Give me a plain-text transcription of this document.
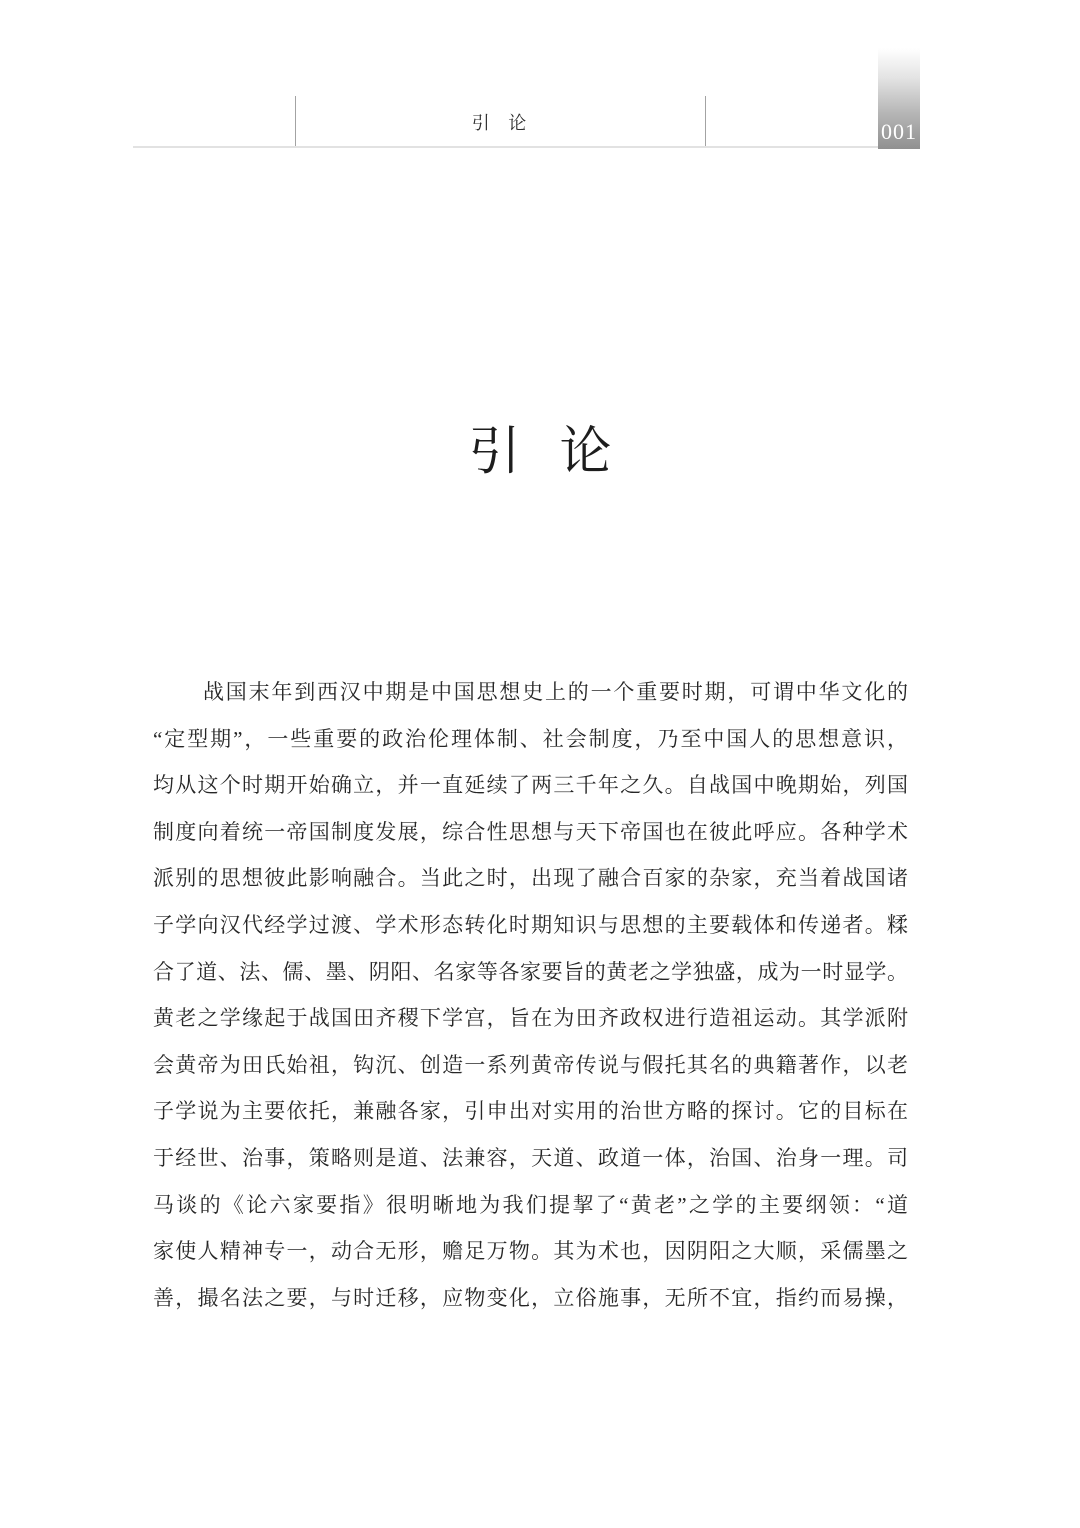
引 论	001
引 论
战国末年到西汉中期是中国思想史上的一个重要时期，可谓中华文化的
“定型期”，一些重要的政治伦理体制、社会制度，乃至中国人的思想意识，
均从这个时期开始确立，并一直延续了两三千年之久。自战国中晚期始，列国
制度向着统一帝国制度发展，综合性思想与天下帝国也在彼此呼应。各种学术
派别的思想彼此影响融合。当此之时，出现了融合百家的杂家，充当着战国诸
子学向汉代经学过渡、学术形态转化时期知识与思想的主要载体和传递者。糅
合了道、法、儒、墨、阴阳、名家等各家要旨的黄老之学独盛，成为一时显学。
黄老之学缘起于战国田齐稷下学宫，旨在为田齐政权进行造祖运动。其学派附
会黄帝为田氏始祖，钩沉、创造一系列黄帝传说与假托其名的典籍著作，以老
子学说为主要依托，兼融各家，引申出对实用的治世方略的探讨。它的目标在
于经世、治事，策略则是道、法兼容，天道、政道一体，治国、治身一理。司
马谈的《论六家要指》很明晰地为我们提挈了“黄老”之学的主要纲领：“道
家使人精神专一，动合无形，赡足万物。其为术也，因阴阳之大顺，采儒墨之
善，撮名法之要，与时迁移，应物变化，立俗施事，无所不宜，指约而易操，
